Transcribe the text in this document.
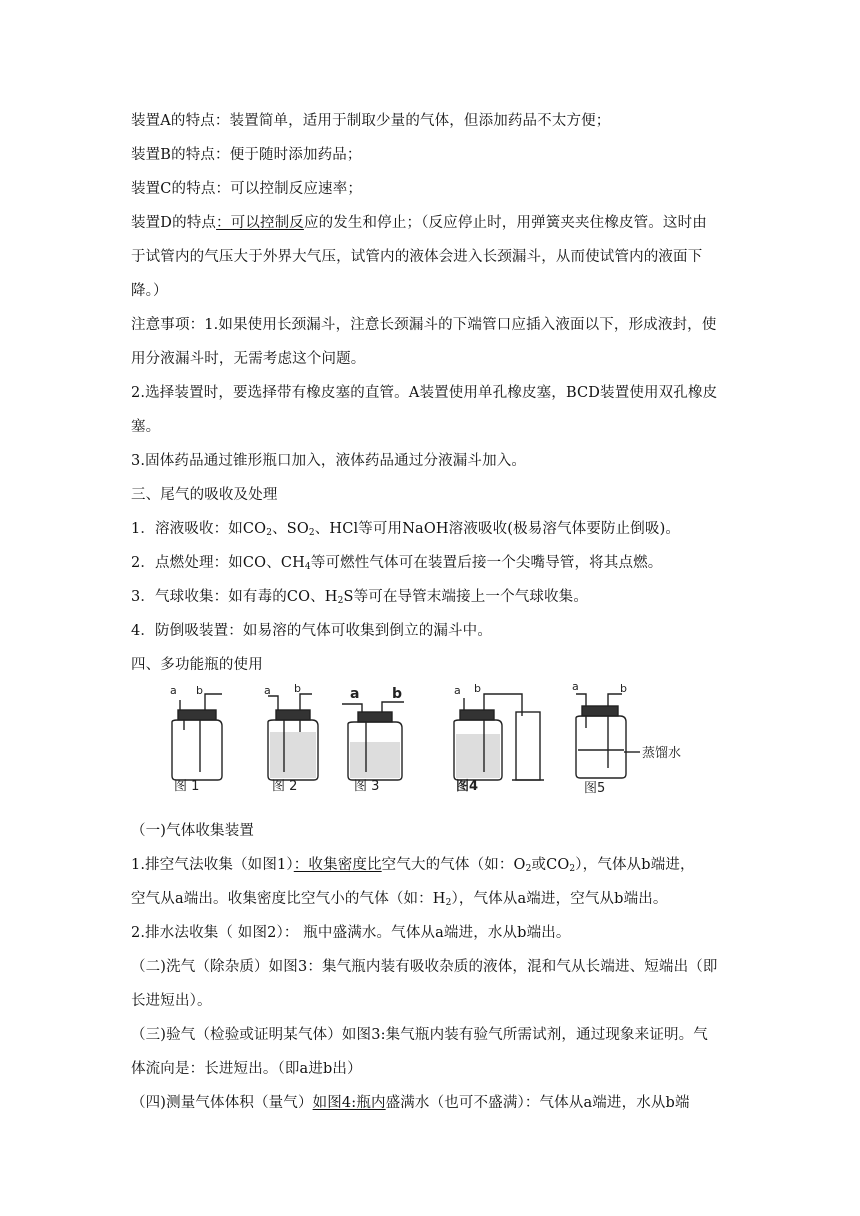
装置A的特点：装置简单，适用于制取少量的气体，但添加药品不太方便；
装置B的特点：便于随时添加药品；
装置C的特点：可以控制反应速率；
装置D的特点：可以控制反应的发生和停止；（反应停止时，用弹簧夹夹住橡皮管。这时由
于试管内的气压大于外界大气压，试管内的液体会进入长颈漏斗，从而使试管内的液面下
降。）
注意事项：1.如果使用长颈漏斗，注意长颈漏斗的下端管口应插入液面以下，形成液封，使
用分液漏斗时，无需考虑这个问题。
2.选择装置时，要选择带有橡皮塞的直管。A装置使用单孔橡皮塞，BCD装置使用双孔橡皮
塞。
3.固体药品通过锥形瓶口加入，液体药品通过分液漏斗加入。
三、尾气的吸收及处理
1．溶液吸收：如$CO_2$、$SO_2$、HCl等可用NaOH溶液吸收(极易溶气体要防止倒吸)。
2．点燃处理：如CO、$CH_4$等可燃性气体可在装置后接一个尖嘴导管，将其点燃。
3．气球收集：如有毒的CO、$H_2S$等可在导管末端接上一个气球收集。
4．防倒吸装置：如易溶的气体可收集到倒立的漏斗中。
四、多功能瓶的使用
a b
图 1
a b
图 2
a b
图 3
a b
图4
a	b
蒸馏水
图5
（一)气体收集装置
1.排空气法收集（如图1）：收集密度比空气大的气体（如：$O_2$或$CO_2$），气体从b端进，
空气从a端出。收集密度比空气小的气体（如：$H_2$），气体从a端进，空气从b端出。
2.排水法收集（ 如图2）： 瓶中盛满水。气体从a端进，水从b端出。
（二)洗气（除杂质）如图3：集气瓶内装有吸收杂质的液体，混和气从长端进、短端出（即
长进短出）。
（三)验气（检验或证明某气体）如图3:集气瓶内装有验气所需试剂，通过现象来证明。气
体流向是：长进短出。（即a进b出）
（四)测量气体体积（量气）如图4:瓶内盛满水（也可不盛满）：气体从a端进，水从b端
